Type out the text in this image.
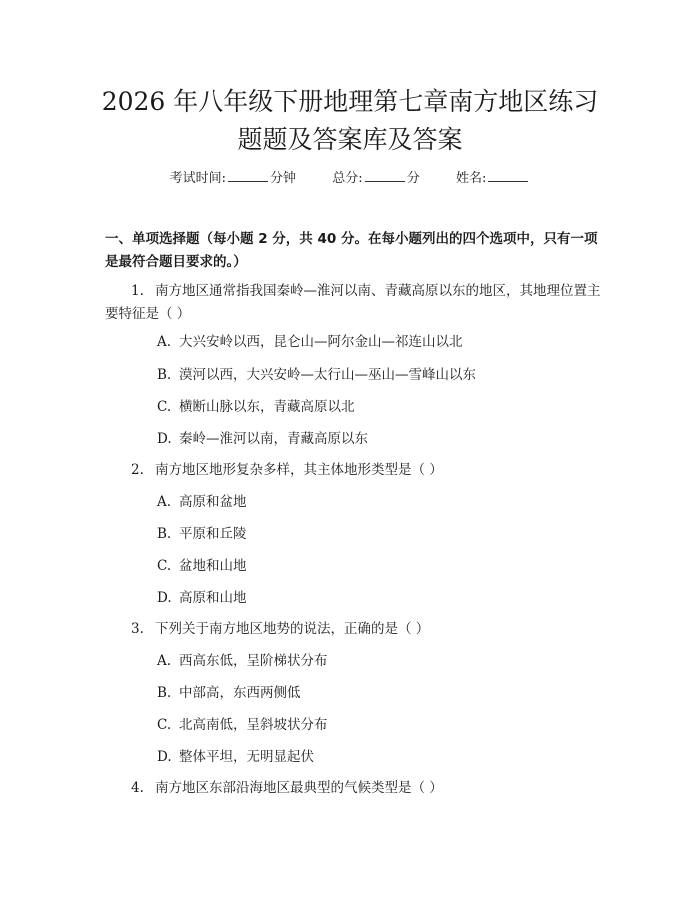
2026 年八年级下册地理第七章南方地区练习
题题及答案库及答案
考试时间:	分钟	总分:	分	姓名:

一、单项选择题（每小题 2 分，共 40 分。在每小题列出的四个选项中，只有一项是最符合题目要求的。）

1. 南方地区通常指我国秦岭—淮河以南、青藏高原以东的地区，其地理位置主要特征是（ ）

A. 大兴安岭以西，昆仑山—阿尔金山—祁连山以北
B. 漠河以西，大兴安岭—太行山—巫山—雪峰山以东
C. 横断山脉以东，青藏高原以北
D. 秦岭—淮河以南，青藏高原以东

2. 南方地区地形复杂多样，其主体地形类型是（ ）

A. 高原和盆地
B. 平原和丘陵
C. 盆地和山地
D. 高原和山地

3. 下列关于南方地区地势的说法，正确的是（ ）

A. 西高东低，呈阶梯状分布
B. 中部高，东西两侧低
C. 北高南低，呈斜坡状分布
D. 整体平坦，无明显起伏

4. 南方地区东部沿海地区最典型的气候类型是（ ）
